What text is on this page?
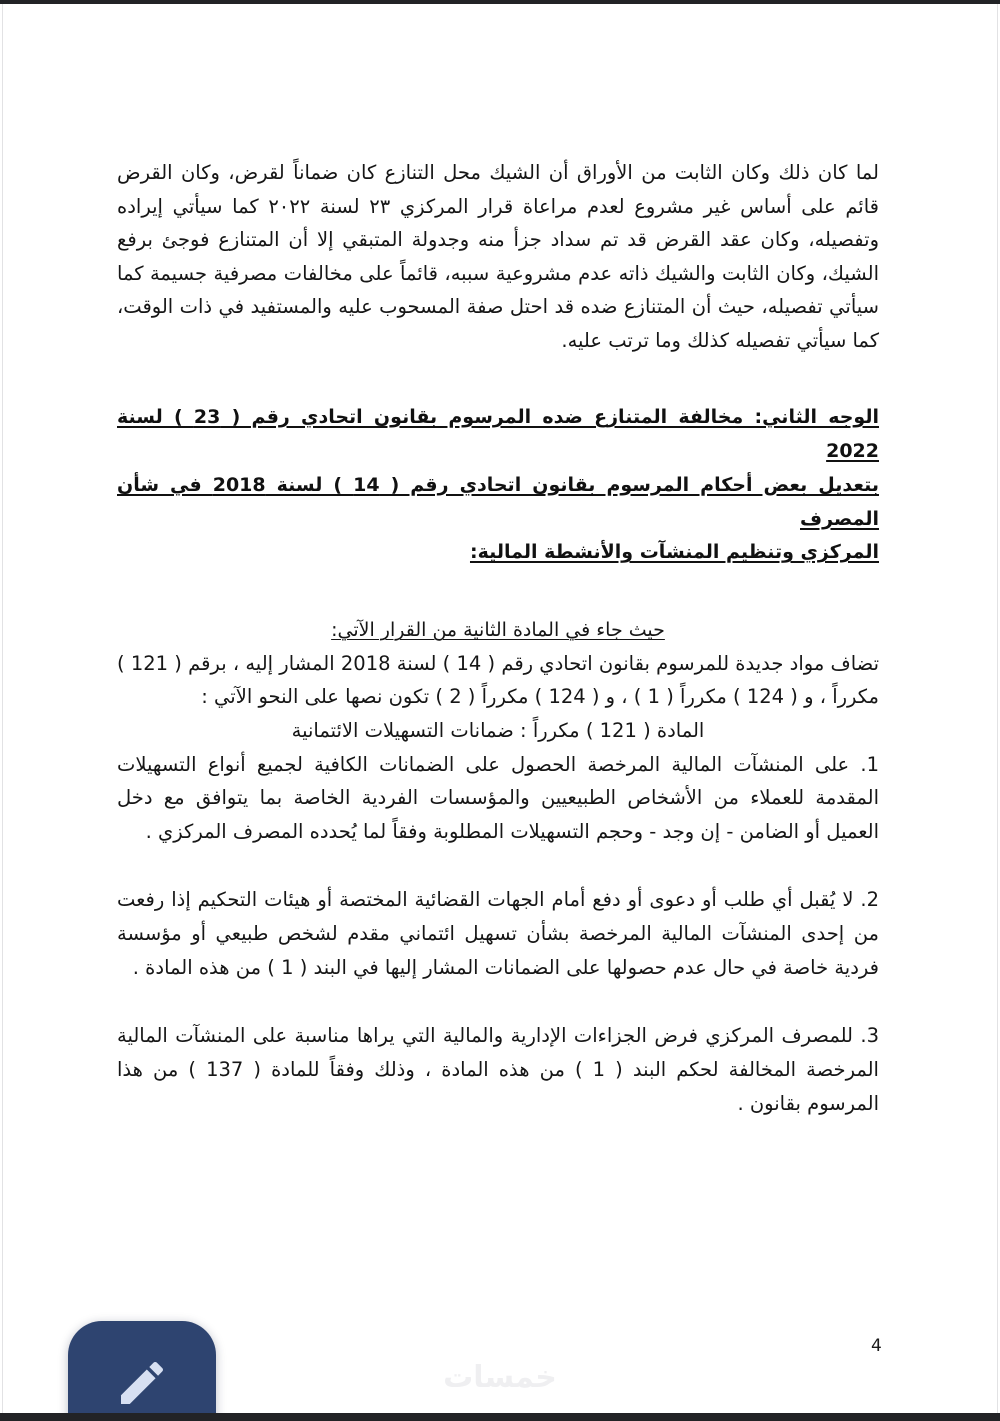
لما كان ذلك وكان الثابت من الأوراق أن الشيك محل التنازع كان ضماناً لقرض، وكان القرض قائم على أساس غير مشروع لعدم مراعاة قرار المركزي ٢٣ لسنة ٢٠٢٢ كما سيأتي إيراده وتفصيله، وكان عقد القرض قد تم سداد جزأ منه وجدولة المتبقي إلا أن المتنازع فوجئ برفع الشيك، وكان الثابت والشيك ذاته عدم مشروعية سببه، قائماً على مخالفات مصرفية جسيمة كما سيأتي تفصيله، حيث أن المتنازع ضده قد احتل صفة المسحوب عليه والمستفيد في ذات الوقت، كما سيأتي تفصيله كذلك وما ترتب عليه.

الوجه الثاني: مخالفة المتنازع ضده المرسوم بقانون اتحادي رقم ( 23 ) لسنة 2022
بتعديل بعض أحكام المرسوم بقانون اتحادي رقم ( 14 ) لسنة 2018 في شأن المصرف
المركزي وتنظيم المنشآت والأنشطة المالية:

حيث جاء في المادة الثانية من القرار الآتي:

تضاف مواد جديدة للمرسوم بقانون اتحادي رقم ( 14 ) لسنة 2018 المشار إليه ، برقم ( 121 ) مكرراً ، و ( 124 ) مكرراً ( 1 ) ، و ( 124 ) مكرراً ( 2 ) تكون نصها على النحو الآتي :

المادة ( 121 ) مكرراً : ضمانات التسهيلات الائتمانية

1. على المنشآت المالية المرخصة الحصول على الضمانات الكافية لجميع أنواع التسهيلات المقدمة للعملاء من الأشخاص الطبيعيين والمؤسسات الفردية الخاصة بما يتوافق مع دخل العميل أو الضامن - إن وجد - وحجم التسهيلات المطلوبة وفقاً لما يُحدده المصرف المركزي .

2. لا يُقبل أي طلب أو دعوى أو دفع أمام الجهات القضائية المختصة أو هيئات التحكيم إذا رفعت من إحدى المنشآت المالية المرخصة بشأن تسهيل ائتماني مقدم لشخص طبيعي أو مؤسسة فردية خاصة في حال عدم حصولها على الضمانات المشار إليها في البند ( 1 ) من هذه المادة .

3. للمصرف المركزي فرض الجزاءات الإدارية والمالية التي يراها مناسبة على المنشآت المالية المرخصة المخالفة لحكم البند ( 1 ) من هذه المادة ، وذلك وفقاً للمادة ( 137 ) من هذا المرسوم بقانون .

خمسات
4
